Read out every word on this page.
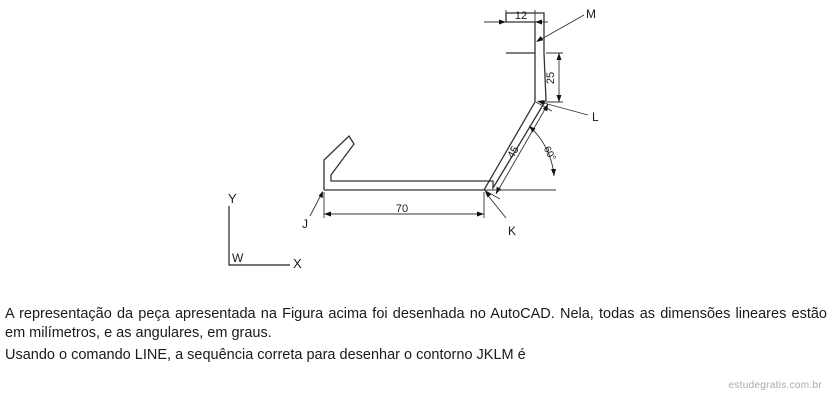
12
25
45 60°
70
J	K
L
M
Y
X
W

A representação da peça apresentada na Figura acima foi desenhada no AutoCAD. Nela, todas as dimensões lineares estão em milímetros, e as angulares, em graus.

Usando o comando LINE, a sequência correta para desenhar o contorno JKLM é

estudegratis.com.br
